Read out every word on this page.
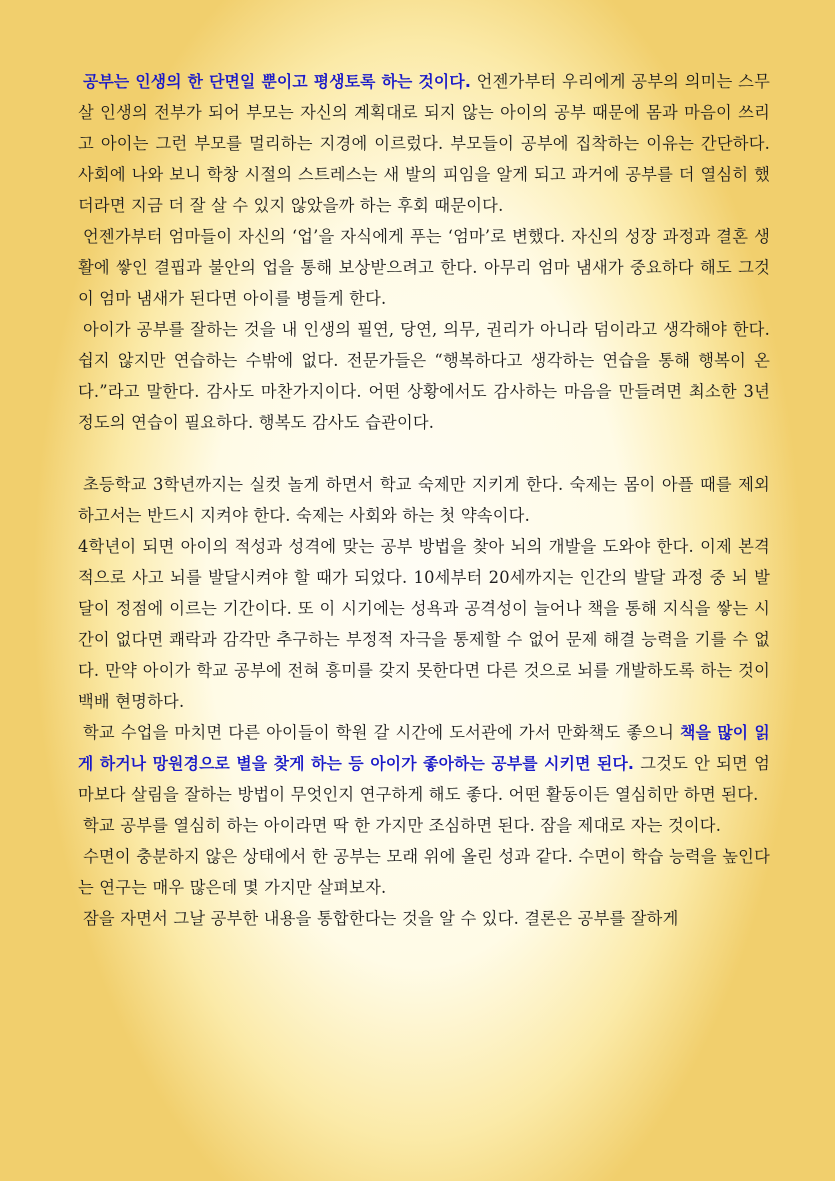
공부는 인생의 한 단면일 뿐이고 평생토록 하는 것이다. 언젠가부터 우리에게 공부의 의미는 스무 살 인생의 전부가 되어 부모는 자신의 계획대로 되지 않는 아이의 공부 때문에 몸과 마음이 쓰리고 아이는 그런 부모를 멀리하는 지경에 이르렀다. 부모들이 공부에 집착하는 이유는 간단하다. 사회에 나와 보니 학창 시절의 스트레스는 새 발의 피임을 알게 되고 과거에 공부를 더 열심히 했더라면 지금 더 잘 살 수 있지 않았을까 하는 후회 때문이다.

언젠가부터 엄마들이 자신의 ‘업’을 자식에게 푸는 ‘엄마’로 변했다. 자신의 성장 과정과 결혼 생활에 쌓인 결핍과 불안의 업을 통해 보상받으려고 한다. 아무리 엄마 냄새가 중요하다 해도 그것이 엄마 냄새가 된다면 아이를 병들게 한다.

아이가 공부를 잘하는 것을 내 인생의 필연, 당연, 의무, 권리가 아니라 덤이라고 생각해야 한다. 쉽지 않지만 연습하는 수밖에 없다. 전문가들은 “행복하다고 생각하는 연습을 통해 행복이 온다.”라고 말한다. 감사도 마찬가지이다. 어떤 상황에서도 감사하는 마음을 만들려면 최소한 3년 정도의 연습이 필요하다. 행복도 감사도 습관이다.

초등학교 3학년까지는 실컷 놀게 하면서 학교 숙제만 지키게 한다. 숙제는 몸이 아플 때를 제외하고서는 반드시 지켜야 한다. 숙제는 사회와 하는 첫 약속이다.

4학년이 되면 아이의 적성과 성격에 맞는 공부 방법을 찾아 뇌의 개발을 도와야 한다. 이제 본격적으로 사고 뇌를 발달시켜야 할 때가 되었다. 10세부터 20세까지는 인간의 발달 과정 중 뇌 발달이 정점에 이르는 기간이다. 또 이 시기에는 성욕과 공격성이 늘어나 책을 통해 지식을 쌓는 시간이 없다면 쾌락과 감각만 추구하는 부정적 자극을 통제할 수 없어 문제 해결 능력을 기를 수 없다. 만약 아이가 학교 공부에 전혀 흥미를 갖지 못한다면 다른 것으로 뇌를 개발하도록 하는 것이 백배 현명하다.

학교 수업을 마치면 다른 아이들이 학원 갈 시간에 도서관에 가서 만화책도 좋으니 책을 많이 읽게 하거나 망원경으로 별을 찾게 하는 등 아이가 좋아하는 공부를 시키면 된다. 그것도 안 되면 엄마보다 살림을 잘하는 방법이 무엇인지 연구하게 해도 좋다. 어떤 활동이든 열심히만 하면 된다.

학교 공부를 열심히 하는 아이라면 딱 한 가지만 조심하면 된다. 잠을 제대로 자는 것이다.

수면이 충분하지 않은 상태에서 한 공부는 모래 위에 올린 성과 같다. 수면이 학습 능력을 높인다는 연구는 매우 많은데 몇 가지만 살펴보자.

잠을 자면서 그날 공부한 내용을 통합한다는 것을 알 수 있다. 결론은 공부를 잘하게
